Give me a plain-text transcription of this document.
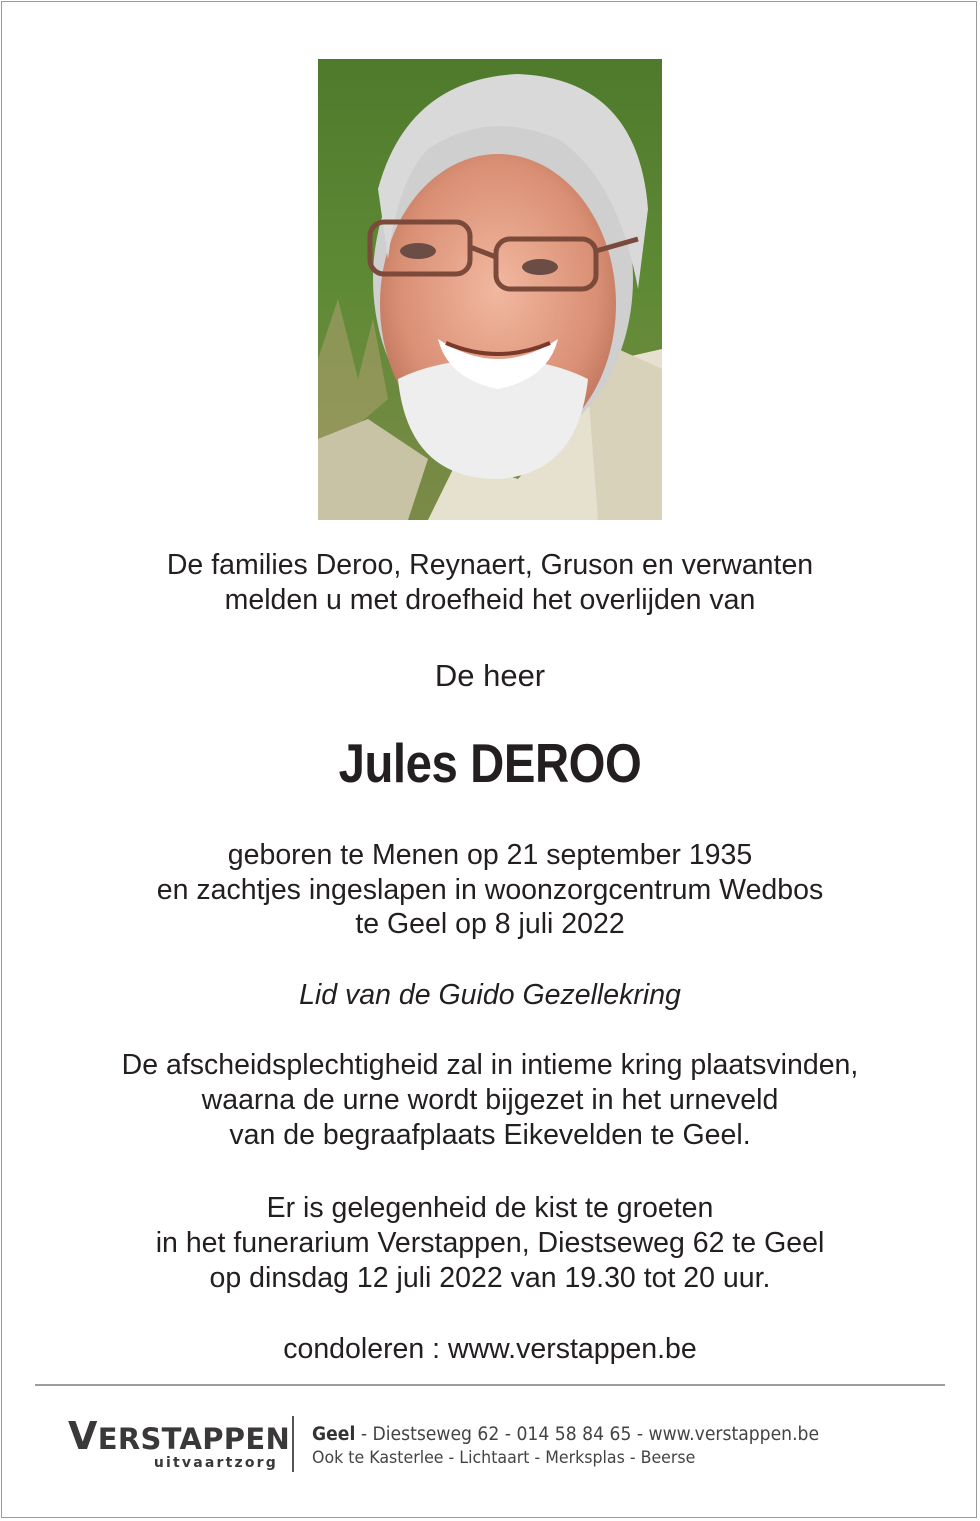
De families Deroo, Reynaert, Gruson en verwanten
melden u met droefheid het overlijden van
De heer
Jules DEROO
geboren te Menen op 21 september 1935
en zachtjes ingeslapen in woonzorgcentrum Wedbos
te Geel op 8 juli 2022
Lid van de Guido Gezellekring
De afscheidsplechtigheid zal in intieme kring plaatsvinden,
waarna de urne wordt bijgezet in het urneveld
van de begraafplaats Eikevelden te Geel.
Er is gelegenheid de kist te groeten
in het funerarium Verstappen, Diestseweg 62 te Geel
op dinsdag 12 juli 2022 van 19.30 tot 20 uur.
condoleren : www.verstappen.be
VERSTAPPEN
uitvaartzorg
Geel - Diestseweg 62 - 014 58 84 65 - www.verstappen.be
Ook te Kasterlee - Lichtaart - Merksplas - Beerse
